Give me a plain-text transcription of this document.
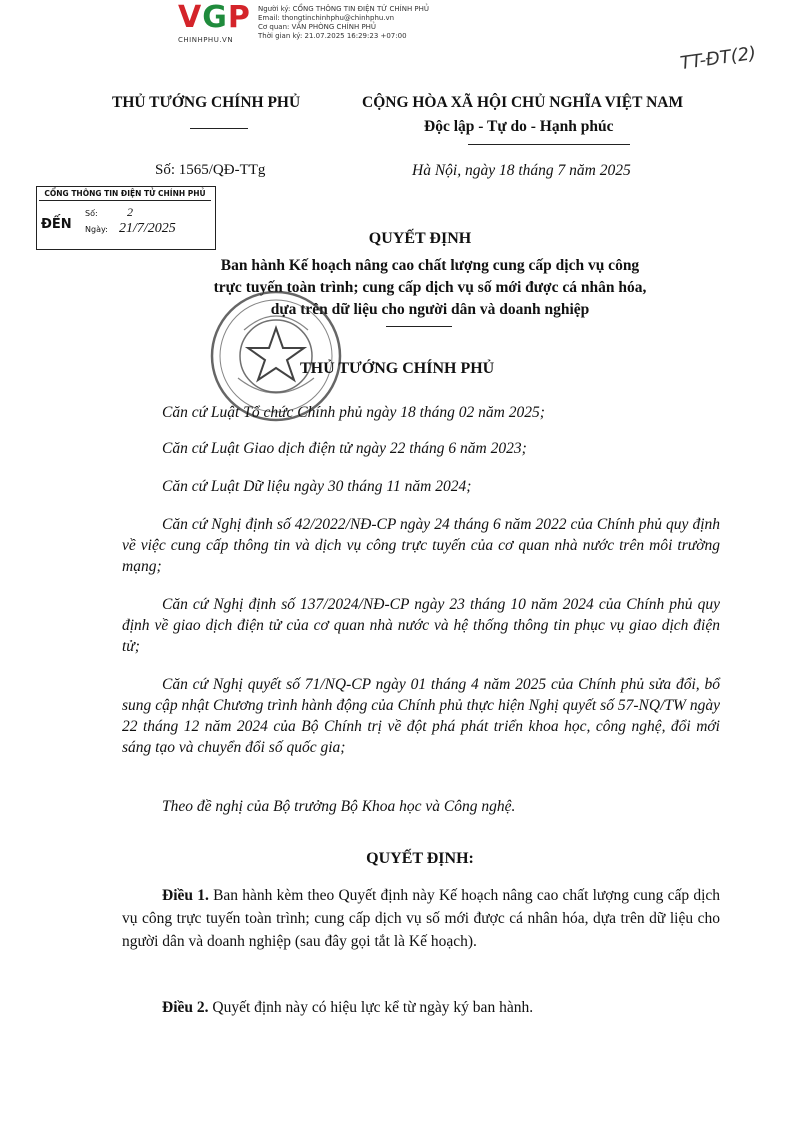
VGP
CHINHPHU.VN
Người ký: CỔNG THÔNG TIN ĐIỆN TỬ CHÍNH PHỦ
Email: thongtinchinhphu@chinhphu.vn
Cơ quan: VĂN PHÒNG CHÍNH PHỦ
Thời gian ký: 21.07.2025 16:29:23 +07:00
TT-ĐT(2)
THỦ TƯỚNG CHÍNH PHỦ	CỘNG HÒA XÃ HỘI CHỦ NGHĨA VIỆT NAM
Độc lập - Tự do - Hạnh phúc
Số: 1565/QĐ-TTg	Hà Nội, ngày 18 tháng 7 năm 2025
CỔNG THÔNG TIN ĐIỆN TỬ CHÍNH PHỦ
ĐẾN
Số: 2
Ngày: 21/7/2025
QUYẾT ĐỊNH
Ban hành Kế hoạch nâng cao chất lượng cung cấp dịch vụ công
trực tuyến toàn trình; cung cấp dịch vụ số mới được cá nhân hóa,
dựa trên dữ liệu cho người dân và doanh nghiệp
THỦ TƯỚNG CHÍNH PHỦ
Căn cứ Luật Tổ chức Chính phủ ngày 18 tháng 02 năm 2025;
Căn cứ Luật Giao dịch điện tử ngày 22 tháng 6 năm 2023;
Căn cứ Luật Dữ liệu ngày 30 tháng 11 năm 2024;
Căn cứ Nghị định số 42/2022/NĐ-CP ngày 24 tháng 6 năm 2022 của Chính phủ quy định về việc cung cấp thông tin và dịch vụ công trực tuyến của cơ quan nhà nước trên môi trường mạng;
Căn cứ Nghị định số 137/2024/NĐ-CP ngày 23 tháng 10 năm 2024 của Chính phủ quy định về giao dịch điện tử của cơ quan nhà nước và hệ thống thông tin phục vụ giao dịch điện tử;
Căn cứ Nghị quyết số 71/NQ-CP ngày 01 tháng 4 năm 2025 của Chính phủ sửa đổi, bổ sung cập nhật Chương trình hành động của Chính phủ thực hiện Nghị quyết số 57-NQ/TW ngày 22 tháng 12 năm 2024 của Bộ Chính trị về đột phá phát triển khoa học, công nghệ, đổi mới sáng tạo và chuyển đổi số quốc gia;
Theo đề nghị của Bộ trưởng Bộ Khoa học và Công nghệ.
QUYẾT ĐỊNH:
Điều 1. Ban hành kèm theo Quyết định này Kế hoạch nâng cao chất lượng cung cấp dịch vụ công trực tuyến toàn trình; cung cấp dịch vụ số mới được cá nhân hóa, dựa trên dữ liệu cho người dân và doanh nghiệp (sau đây gọi tắt là Kế hoạch).
Điều 2. Quyết định này có hiệu lực kể từ ngày ký ban hành.
